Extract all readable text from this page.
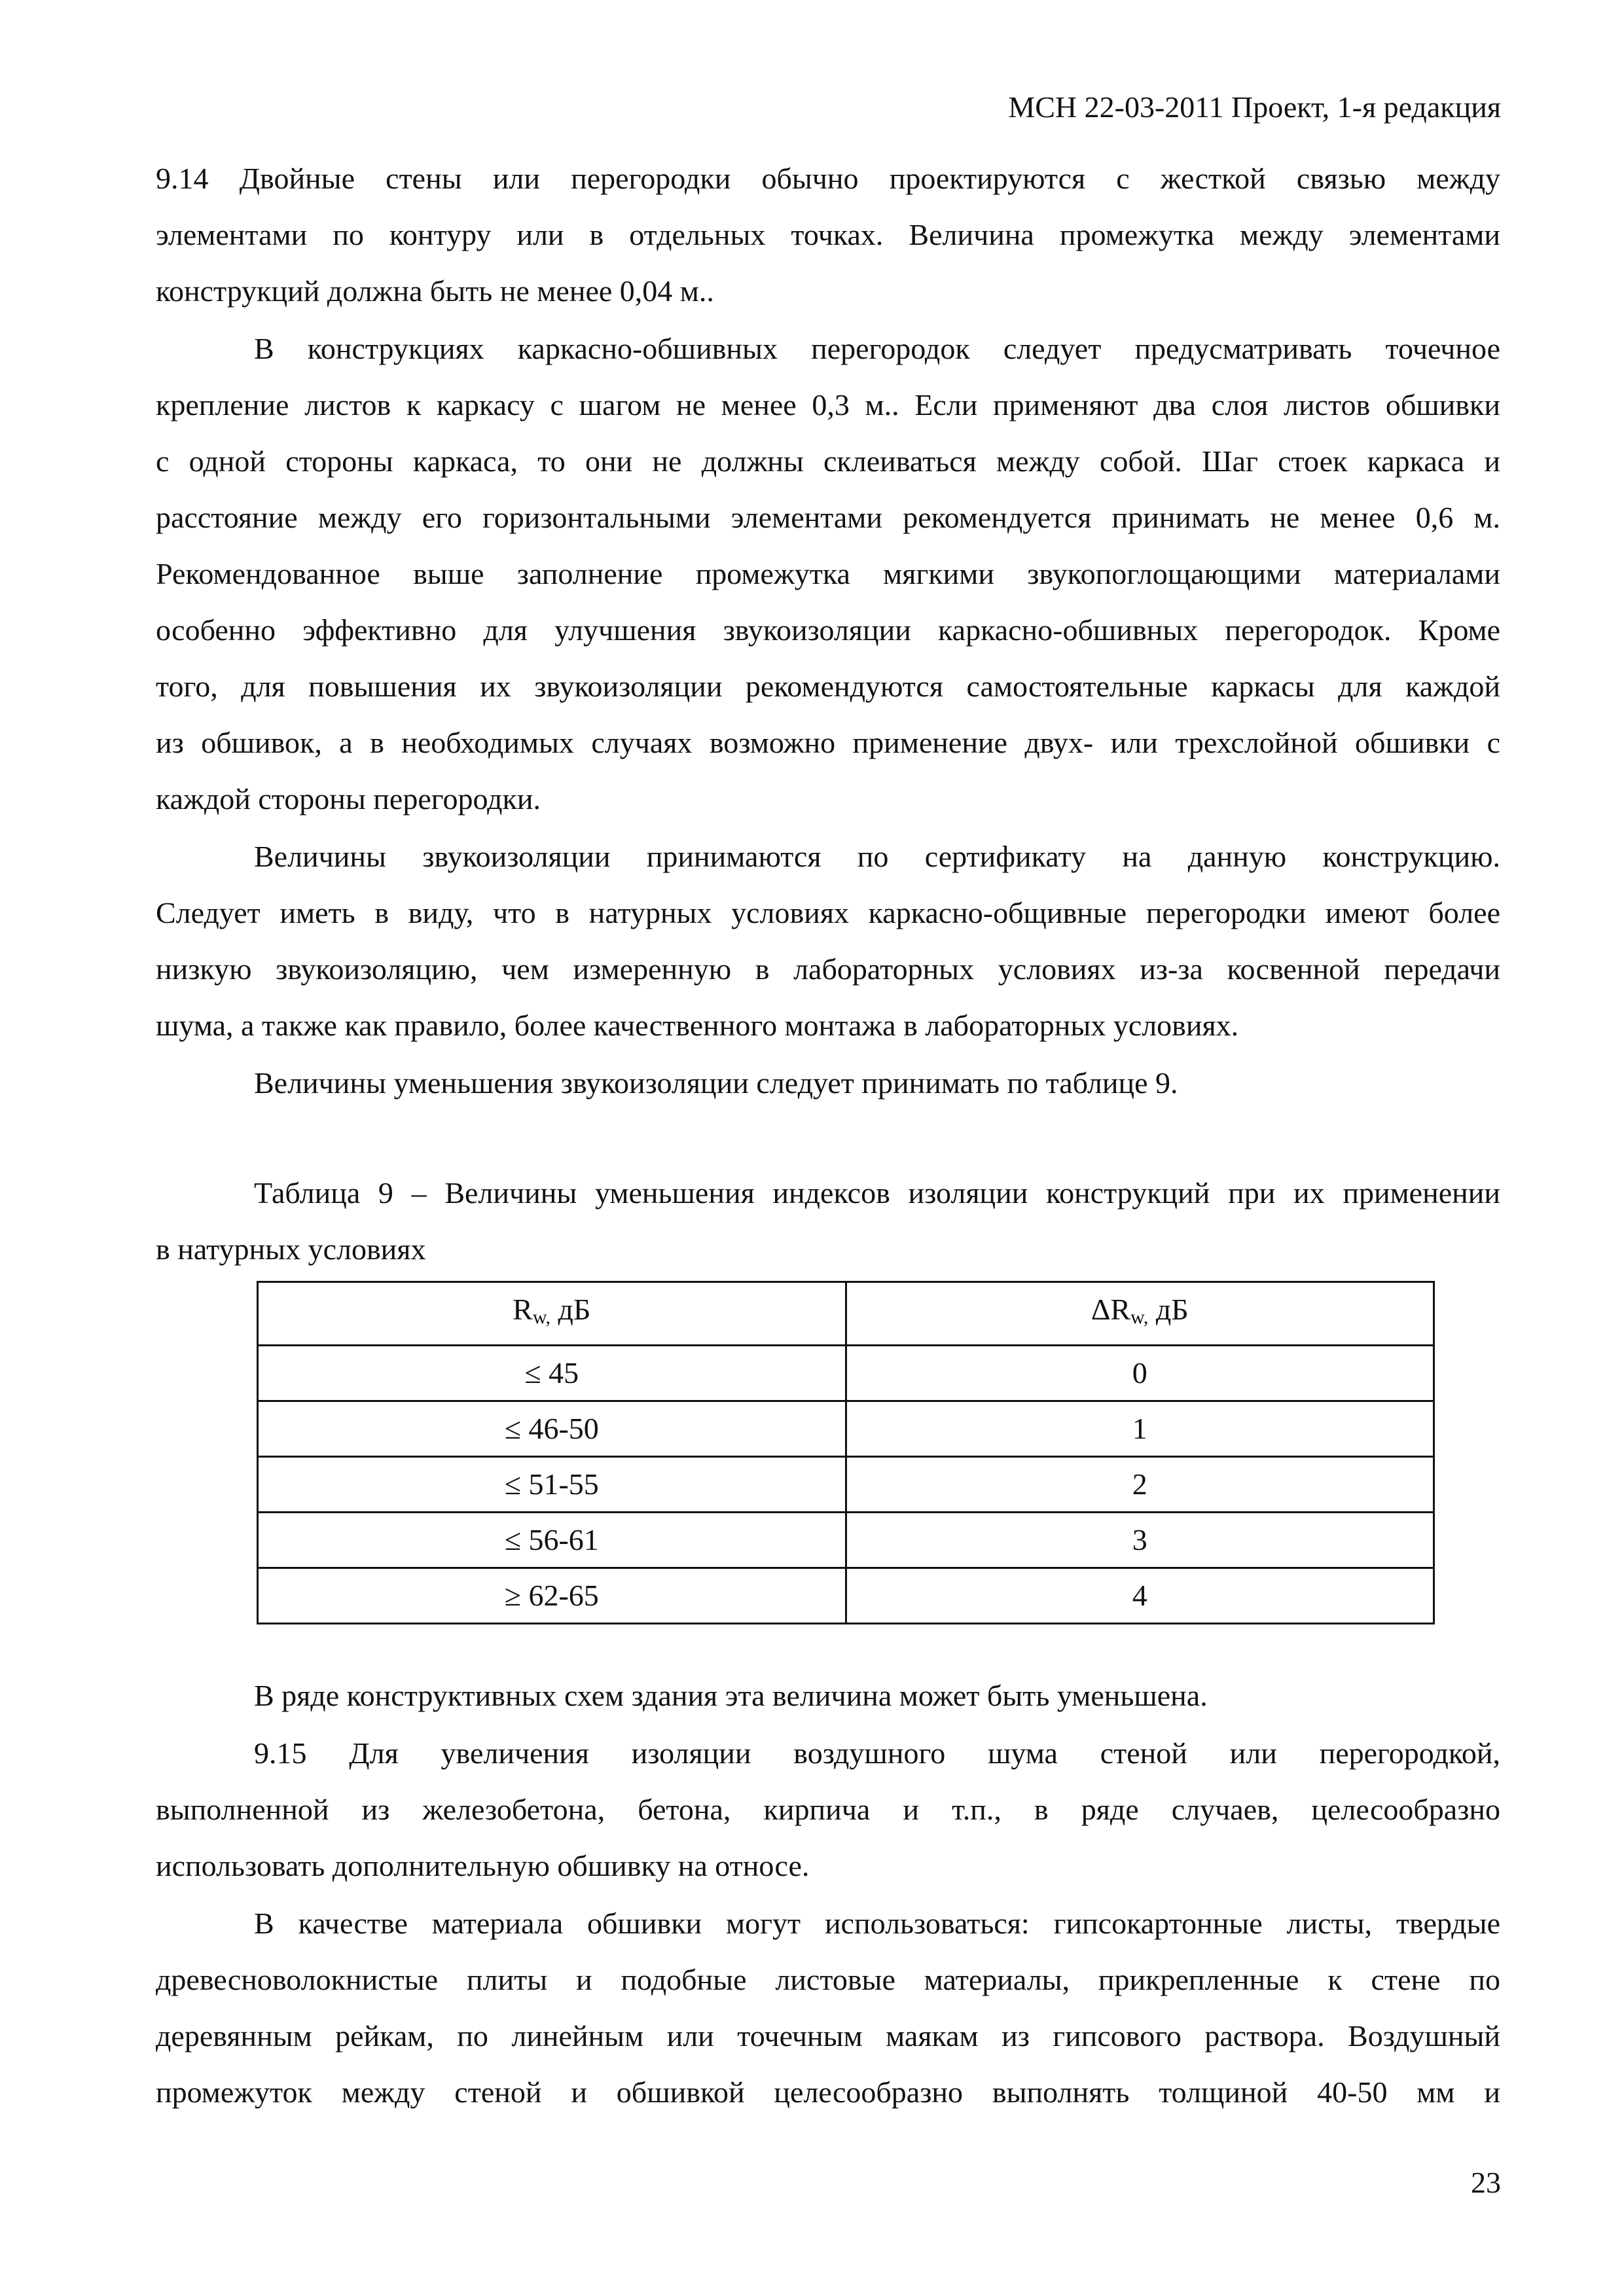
МСН 22-03-2011 Проект, 1-я редакция
9.14 Двойные стены или перегородки обычно проектируются с жесткой связью между
элементами по контуру или в отдельных точках. Величина промежутка между элементами
конструкций должна быть не менее 0,04 м..
В конструкциях каркасно-обшивных перегородок следует предусматривать точечное
крепление листов к каркасу с шагом не менее 0,3 м.. Если применяют два слоя листов обшивки
с одной стороны каркаса, то они не должны склеиваться между собой. Шаг стоек каркаса и
расстояние между его горизонтальными элементами рекомендуется принимать не менее 0,6 м.
Рекомендованное выше заполнение промежутка мягкими звукопоглощающими материалами
особенно эффективно для улучшения звукоизоляции каркасно-обшивных перегородок. Кроме
того, для повышения их звукоизоляции рекомендуются самостоятельные каркасы для каждой
из обшивок, а в необходимых случаях возможно применение двух- или трехслойной обшивки с
каждой стороны перегородки.
Величины звукоизоляции принимаются по сертификату на данную конструкцию.
Следует иметь в виду, что в натурных условиях каркасно-общивные перегородки имеют более
низкую звукоизоляцию, чем измеренную в лабораторных условиях из-за косвенной передачи
шума, а также как правило, более качественного монтажа в лабораторных условиях.
Величины уменьшения звукоизоляции следует принимать по таблице 9.
Таблица 9 – Величины уменьшения индексов изоляции конструкций при их применении
в натурных условиях
$R_{w,}$ дБ	$\Delta R_{w,}$ дБ
≤ 45	0
≤ 46-50	1
≤ 51-55	2
≤ 56-61	3
≥ 62-65	4
В ряде конструктивных схем здания эта величина может быть уменьшена.
9.15 Для увеличения изоляции воздушного шума стеной или перегородкой,
выполненной из железобетона, бетона, кирпича и т.п., в ряде случаев, целесообразно
использовать дополнительную обшивку на относе.
В качестве материала обшивки могут использоваться: гипсокартонные листы, твердые
древесноволокнистые плиты и подобные листовые материалы, прикрепленные к стене по
деревянным рейкам, по линейным или точечным маякам из гипсового раствора. Воздушный
промежуток между стеной и обшивкой целесообразно выполнять толщиной 40-50 мм и
23
